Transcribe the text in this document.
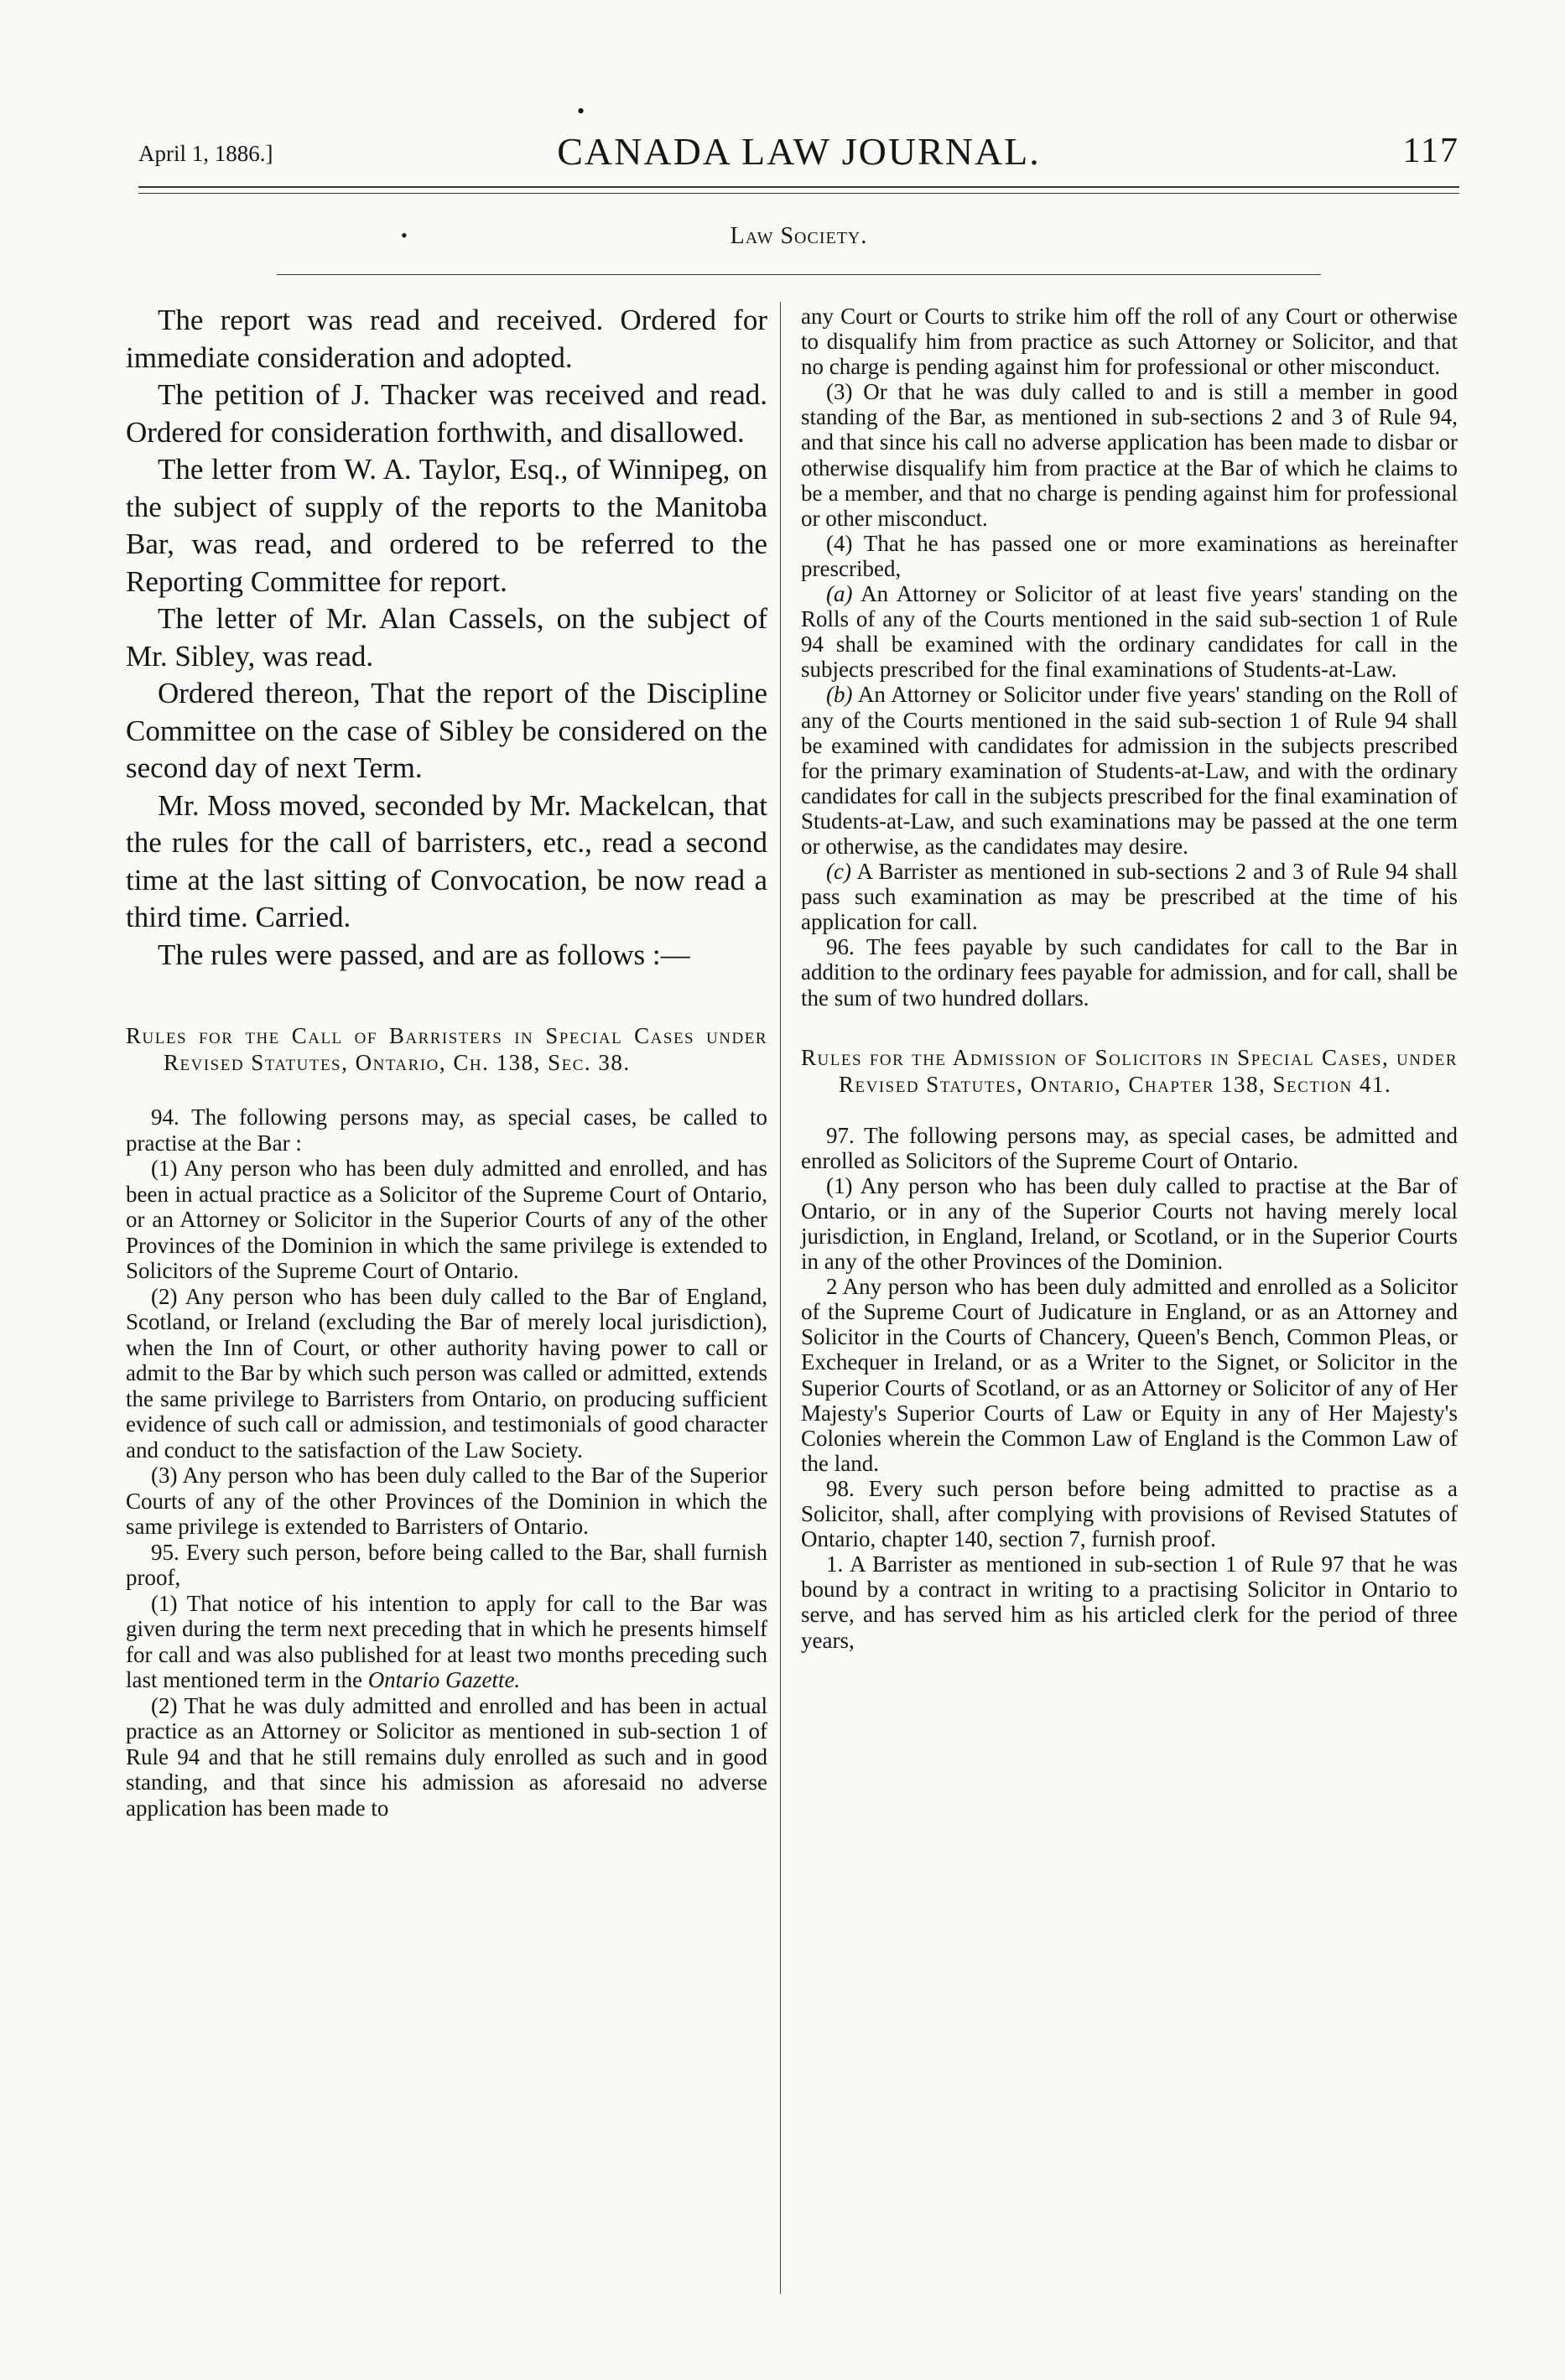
•
April 1, 1886.]	CANADA LAW JOURNAL.	117
•	Law Society.

The report was read and received. Ordered for immediate consideration and adopted.

The petition of J. Thacker was received and read. Ordered for consideration forthwith, and disallowed.

The letter from W. A. Taylor, Esq., of Winnipeg, on the subject of supply of the reports to the Manitoba Bar, was read, and ordered to be referred to the Reporting Committee for report.

The letter of Mr. Alan Cassels, on the subject of Mr. Sibley, was read.

Ordered thereon, That the report of the Discipline Committee on the case of Sibley be considered on the second day of next Term.

Mr. Moss moved, seconded by Mr. Mackelcan, that the rules for the call of barristers, etc., read a second time at the last sitting of Convocation, be now read a third time. Carried.

The rules were passed, and are as follows :—

Rules for the Call of Barristers in Special Cases under Revised Statutes, Ontario, Ch. 138, Sec. 38.

94. The following persons may, as special cases, be called to practise at the Bar :

(1) Any person who has been duly admitted and enrolled, and has been in actual practice as a Solicitor of the Supreme Court of Ontario, or an Attorney or Solicitor in the Superior Courts of any of the other Provinces of the Dominion in which the same privilege is extended to Solicitors of the Supreme Court of Ontario.

(2) Any person who has been duly called to the Bar of England, Scotland, or Ireland (excluding the Bar of merely local jurisdiction), when the Inn of Court, or other authority having power to call or admit to the Bar by which such person was called or admitted, extends the same privilege to Barristers from Ontario, on producing sufficient evidence of such call or admission, and testimonials of good character and conduct to the satisfaction of the Law Society.

(3) Any person who has been duly called to the Bar of the Superior Courts of any of the other Provinces of the Dominion in which the same privilege is extended to Barristers of Ontario.

95. Every such person, before being called to the Bar, shall furnish proof,

(1) That notice of his intention to apply for call to the Bar was given during the term next preceding that in which he presents himself for call and was also published for at least two months preceding such last mentioned term in the Ontario Gazette.

(2) That he was duly admitted and enrolled and has been in actual practice as an Attorney or Solicitor as mentioned in sub-section 1 of Rule 94 and that he still remains duly enrolled as such and in good standing, and that since his admission as aforesaid no adverse application has been made to

any Court or Courts to strike him off the roll of any Court or otherwise to disqualify him from practice as such Attorney or Solicitor, and that no charge is pending against him for professional or other misconduct.

(3) Or that he was duly called to and is still a member in good standing of the Bar, as mentioned in sub-sections 2 and 3 of Rule 94, and that since his call no adverse application has been made to disbar or otherwise disqualify him from practice at the Bar of which he claims to be a member, and that no charge is pending against him for professional or other misconduct.

(4) That he has passed one or more examinations as hereinafter prescribed,

(a) An Attorney or Solicitor of at least five years' standing on the Rolls of any of the Courts mentioned in the said sub-section 1 of Rule 94 shall be examined with the ordinary candidates for call in the subjects prescribed for the final examinations of Students-at-Law.

(b) An Attorney or Solicitor under five years' standing on the Roll of any of the Courts mentioned in the said sub-section 1 of Rule 94 shall be examined with candidates for admission in the subjects prescribed for the primary examination of Students-at-Law, and with the ordinary candidates for call in the subjects prescribed for the final examination of Students-at-Law, and such examinations may be passed at the one term or otherwise, as the candidates may desire.

(c) A Barrister as mentioned in sub-sections 2 and 3 of Rule 94 shall pass such examination as may be prescribed at the time of his application for call.

96. The fees payable by such candidates for call to the Bar in addition to the ordinary fees payable for admission, and for call, shall be the sum of two hundred dollars.

Rules for the Admission of Solicitors in Special Cases, under Revised Statutes, Ontario, Chapter 138, Section 41.

97. The following persons may, as special cases, be admitted and enrolled as Solicitors of the Supreme Court of Ontario.

(1) Any person who has been duly called to practise at the Bar of Ontario, or in any of the Superior Courts not having merely local jurisdiction, in England, Ireland, or Scotland, or in the Superior Courts in any of the other Provinces of the Dominion.

2 Any person who has been duly admitted and enrolled as a Solicitor of the Supreme Court of Judicature in England, or as an Attorney and Solicitor in the Courts of Chancery, Queen's Bench, Common Pleas, or Exchequer in Ireland, or as a Writer to the Signet, or Solicitor in the Superior Courts of Scotland, or as an Attorney or Solicitor of any of Her Majesty's Superior Courts of Law or Equity in any of Her Majesty's Colonies wherein the Common Law of England is the Common Law of the land.

98. Every such person before being admitted to practise as a Solicitor, shall, after complying with provisions of Revised Statutes of Ontario, chapter 140, section 7, furnish proof.

1. A Barrister as mentioned in sub-section 1 of Rule 97 that he was bound by a contract in writing to a practising Solicitor in Ontario to serve, and has served him as his articled clerk for the period of three years,
